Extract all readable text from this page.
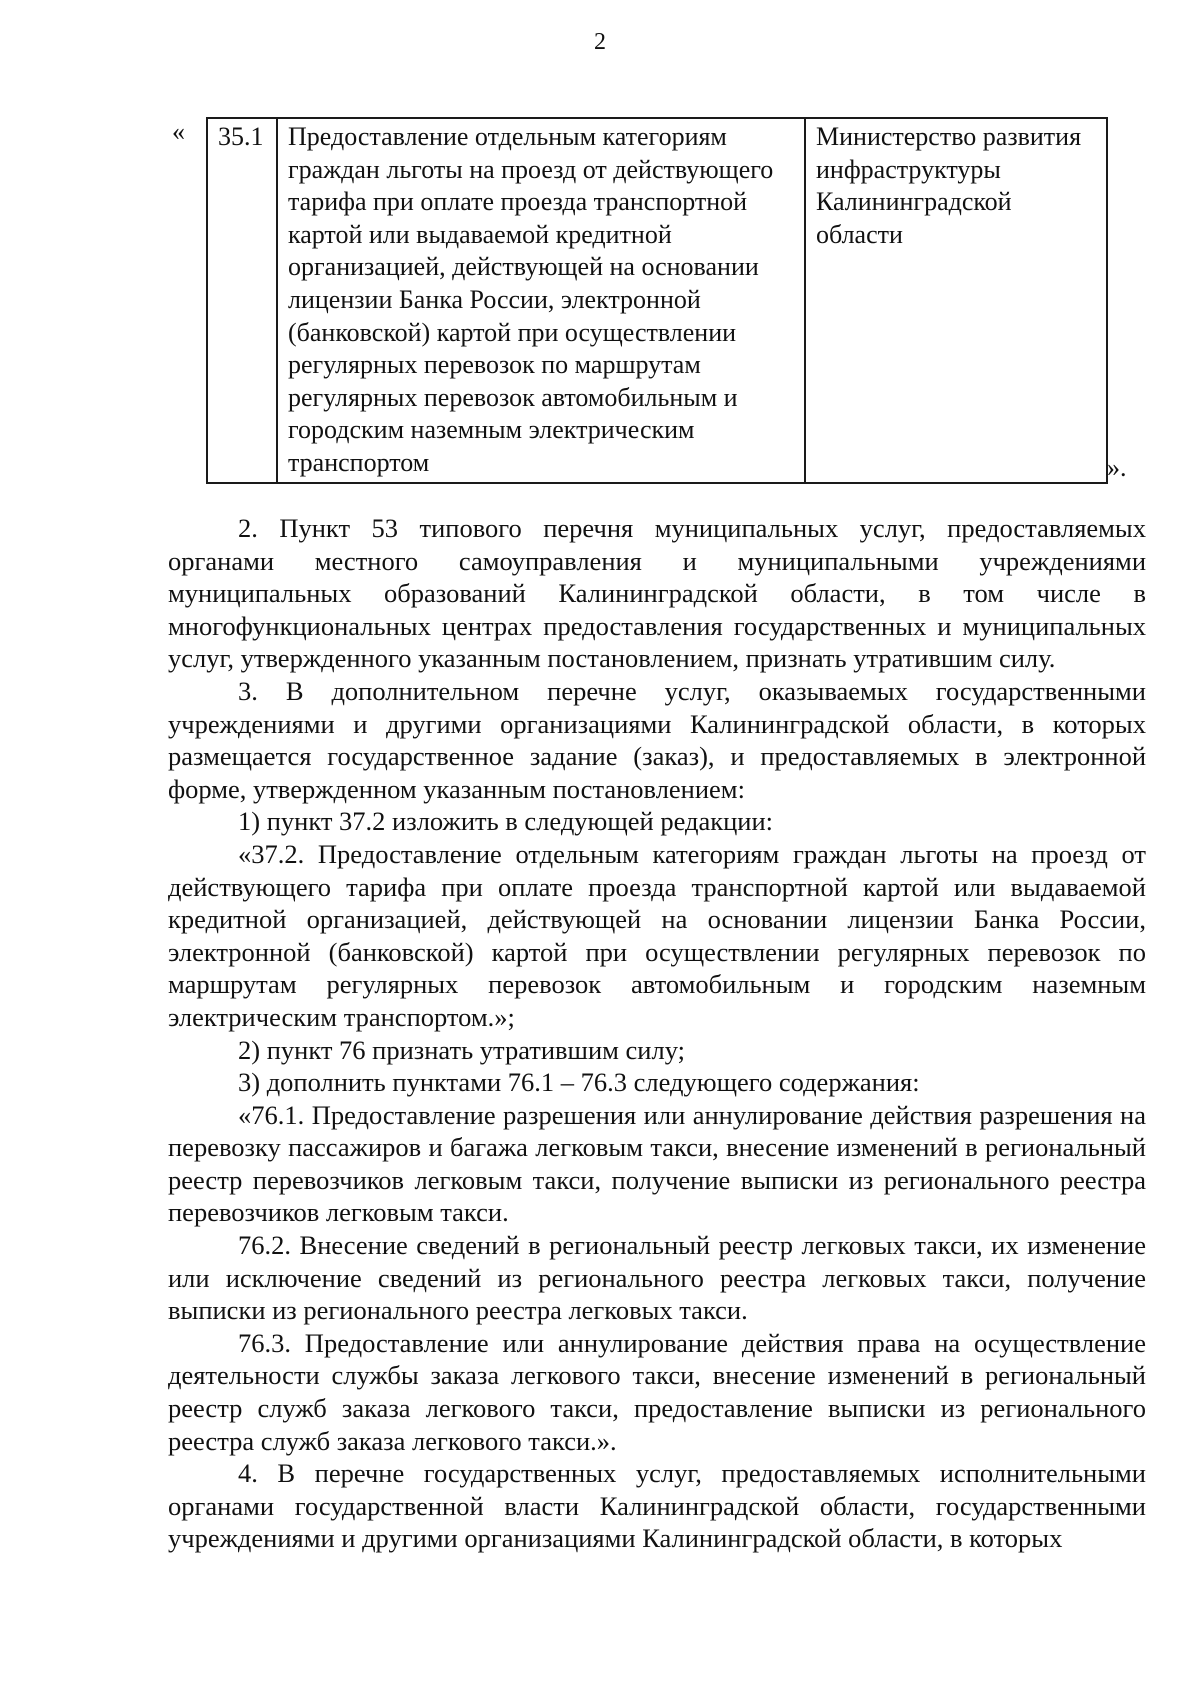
2
« 35.1	Предоставление отдельным категориям граждан льготы на проезд от действующего тарифа при оплате проезда транспортной картой или выдаваемой кредитной организацией, действующей на основании лицензии Банка России, электронной (банковской) картой при осуществлении регулярных перевозок по маршрутам регулярных перевозок автомобильным и городским наземным электрическим транспортом	Министерство развития инфраструктуры Калининградской области
».

2. Пункт 53 типового перечня муниципальных услуг, предоставляемых органами местного самоуправления и муниципальными учреждениями муниципальных образований Калининградской области, в том числе в многофункциональных центрах предоставления государственных и муниципальных услуг, утвержденного указанным постановлением, признать утратившим силу.

3. В дополнительном перечне услуг, оказываемых государственными учреждениями и другими организациями Калининградской области, в которых размещается государственное задание (заказ), и предоставляемых в электронной форме, утвержденном указанным постановлением:

1) пункт 37.2 изложить в следующей редакции:

«37.2. Предоставление отдельным категориям граждан льготы на проезд от действующего тарифа при оплате проезда транспортной картой или выдаваемой кредитной организацией, действующей на основании лицензии Банка России, электронной (банковской) картой при осуществлении регулярных перевозок по маршрутам регулярных перевозок автомобильным и городским наземным электрическим транспортом.»;

2) пункт 76 признать утратившим силу;

3) дополнить пунктами 76.1 – 76.3 следующего содержания:

«76.1. Предоставление разрешения или аннулирование действия разрешения на перевозку пассажиров и багажа легковым такси, внесение изменений в региональный реестр перевозчиков легковым такси, получение выписки из регионального реестра перевозчиков легковым такси.

76.2. Внесение сведений в региональный реестр легковых такси, их изменение или исключение сведений из регионального реестра легковых такси, получение выписки из регионального реестра легковых такси.

76.3. Предоставление или аннулирование действия права на осуществление деятельности службы заказа легкового такси, внесение изменений в региональный реестр служб заказа легкового такси, предоставление выписки из регионального реестра служб заказа легкового такси.».

4. В перечне государственных услуг, предоставляемых исполнительными органами государственной власти Калининградской области, государственными учреждениями и другими организациями Калининградской области, в которых
